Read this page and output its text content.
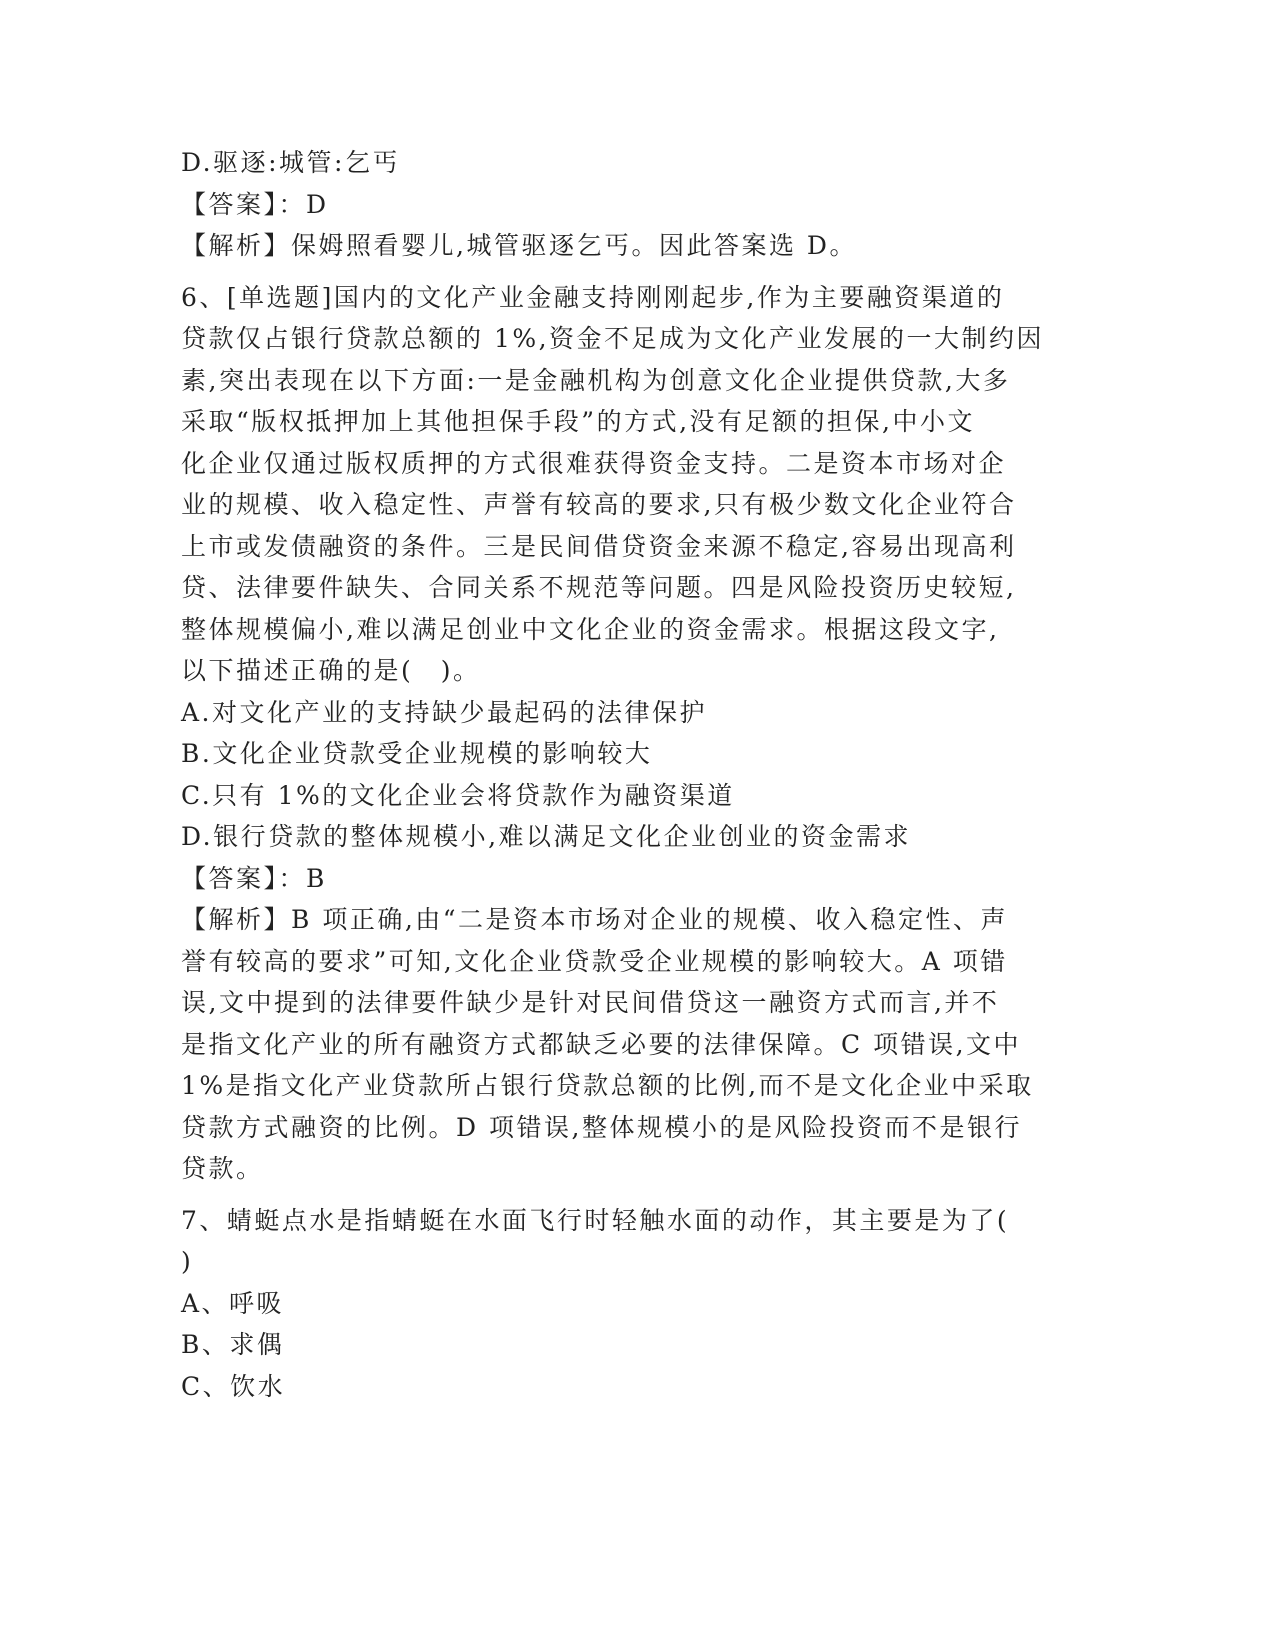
D.驱逐:城管:乞丐
【答案】：D
【解析】保姆照看婴儿,城管驱逐乞丐。因此答案选 D。
6、[单选题]国内的文化产业金融支持刚刚起步,作为主要融资渠道的
贷款仅占银行贷款总额的 1%,资金不足成为文化产业发展的一大制约因
素,突出表现在以下方面:一是金融机构为创意文化企业提供贷款,大多
采取“版权抵押加上其他担保手段”的方式,没有足额的担保,中小文
化企业仅通过版权质押的方式很难获得资金支持。二是资本市场对企
业的规模、收入稳定性、声誉有较高的要求,只有极少数文化企业符合
上市或发债融资的条件。三是民间借贷资金来源不稳定,容易出现高利
贷、法律要件缺失、合同关系不规范等问题。四是风险投资历史较短,
整体规模偏小,难以满足创业中文化企业的资金需求。根据这段文字,
以下描述正确的是(　)。
A.对文化产业的支持缺少最起码的法律保护
B.文化企业贷款受企业规模的影响较大
C.只有 1%的文化企业会将贷款作为融资渠道
D.银行贷款的整体规模小,难以满足文化企业创业的资金需求
【答案】：B
【解析】B 项正确,由“二是资本市场对企业的规模、收入稳定性、声
誉有较高的要求”可知,文化企业贷款受企业规模的影响较大。A 项错
误,文中提到的法律要件缺少是针对民间借贷这一融资方式而言,并不
是指文化产业的所有融资方式都缺乏必要的法律保障。C 项错误,文中
1%是指文化产业贷款所占银行贷款总额的比例,而不是文化企业中采取
贷款方式融资的比例。D 项错误,整体规模小的是风险投资而不是银行
贷款。
7、蜻蜓点水是指蜻蜓在水面飞行时轻触水面的动作，其主要是为了(
)
A、呼吸
B、求偶
C、饮水
